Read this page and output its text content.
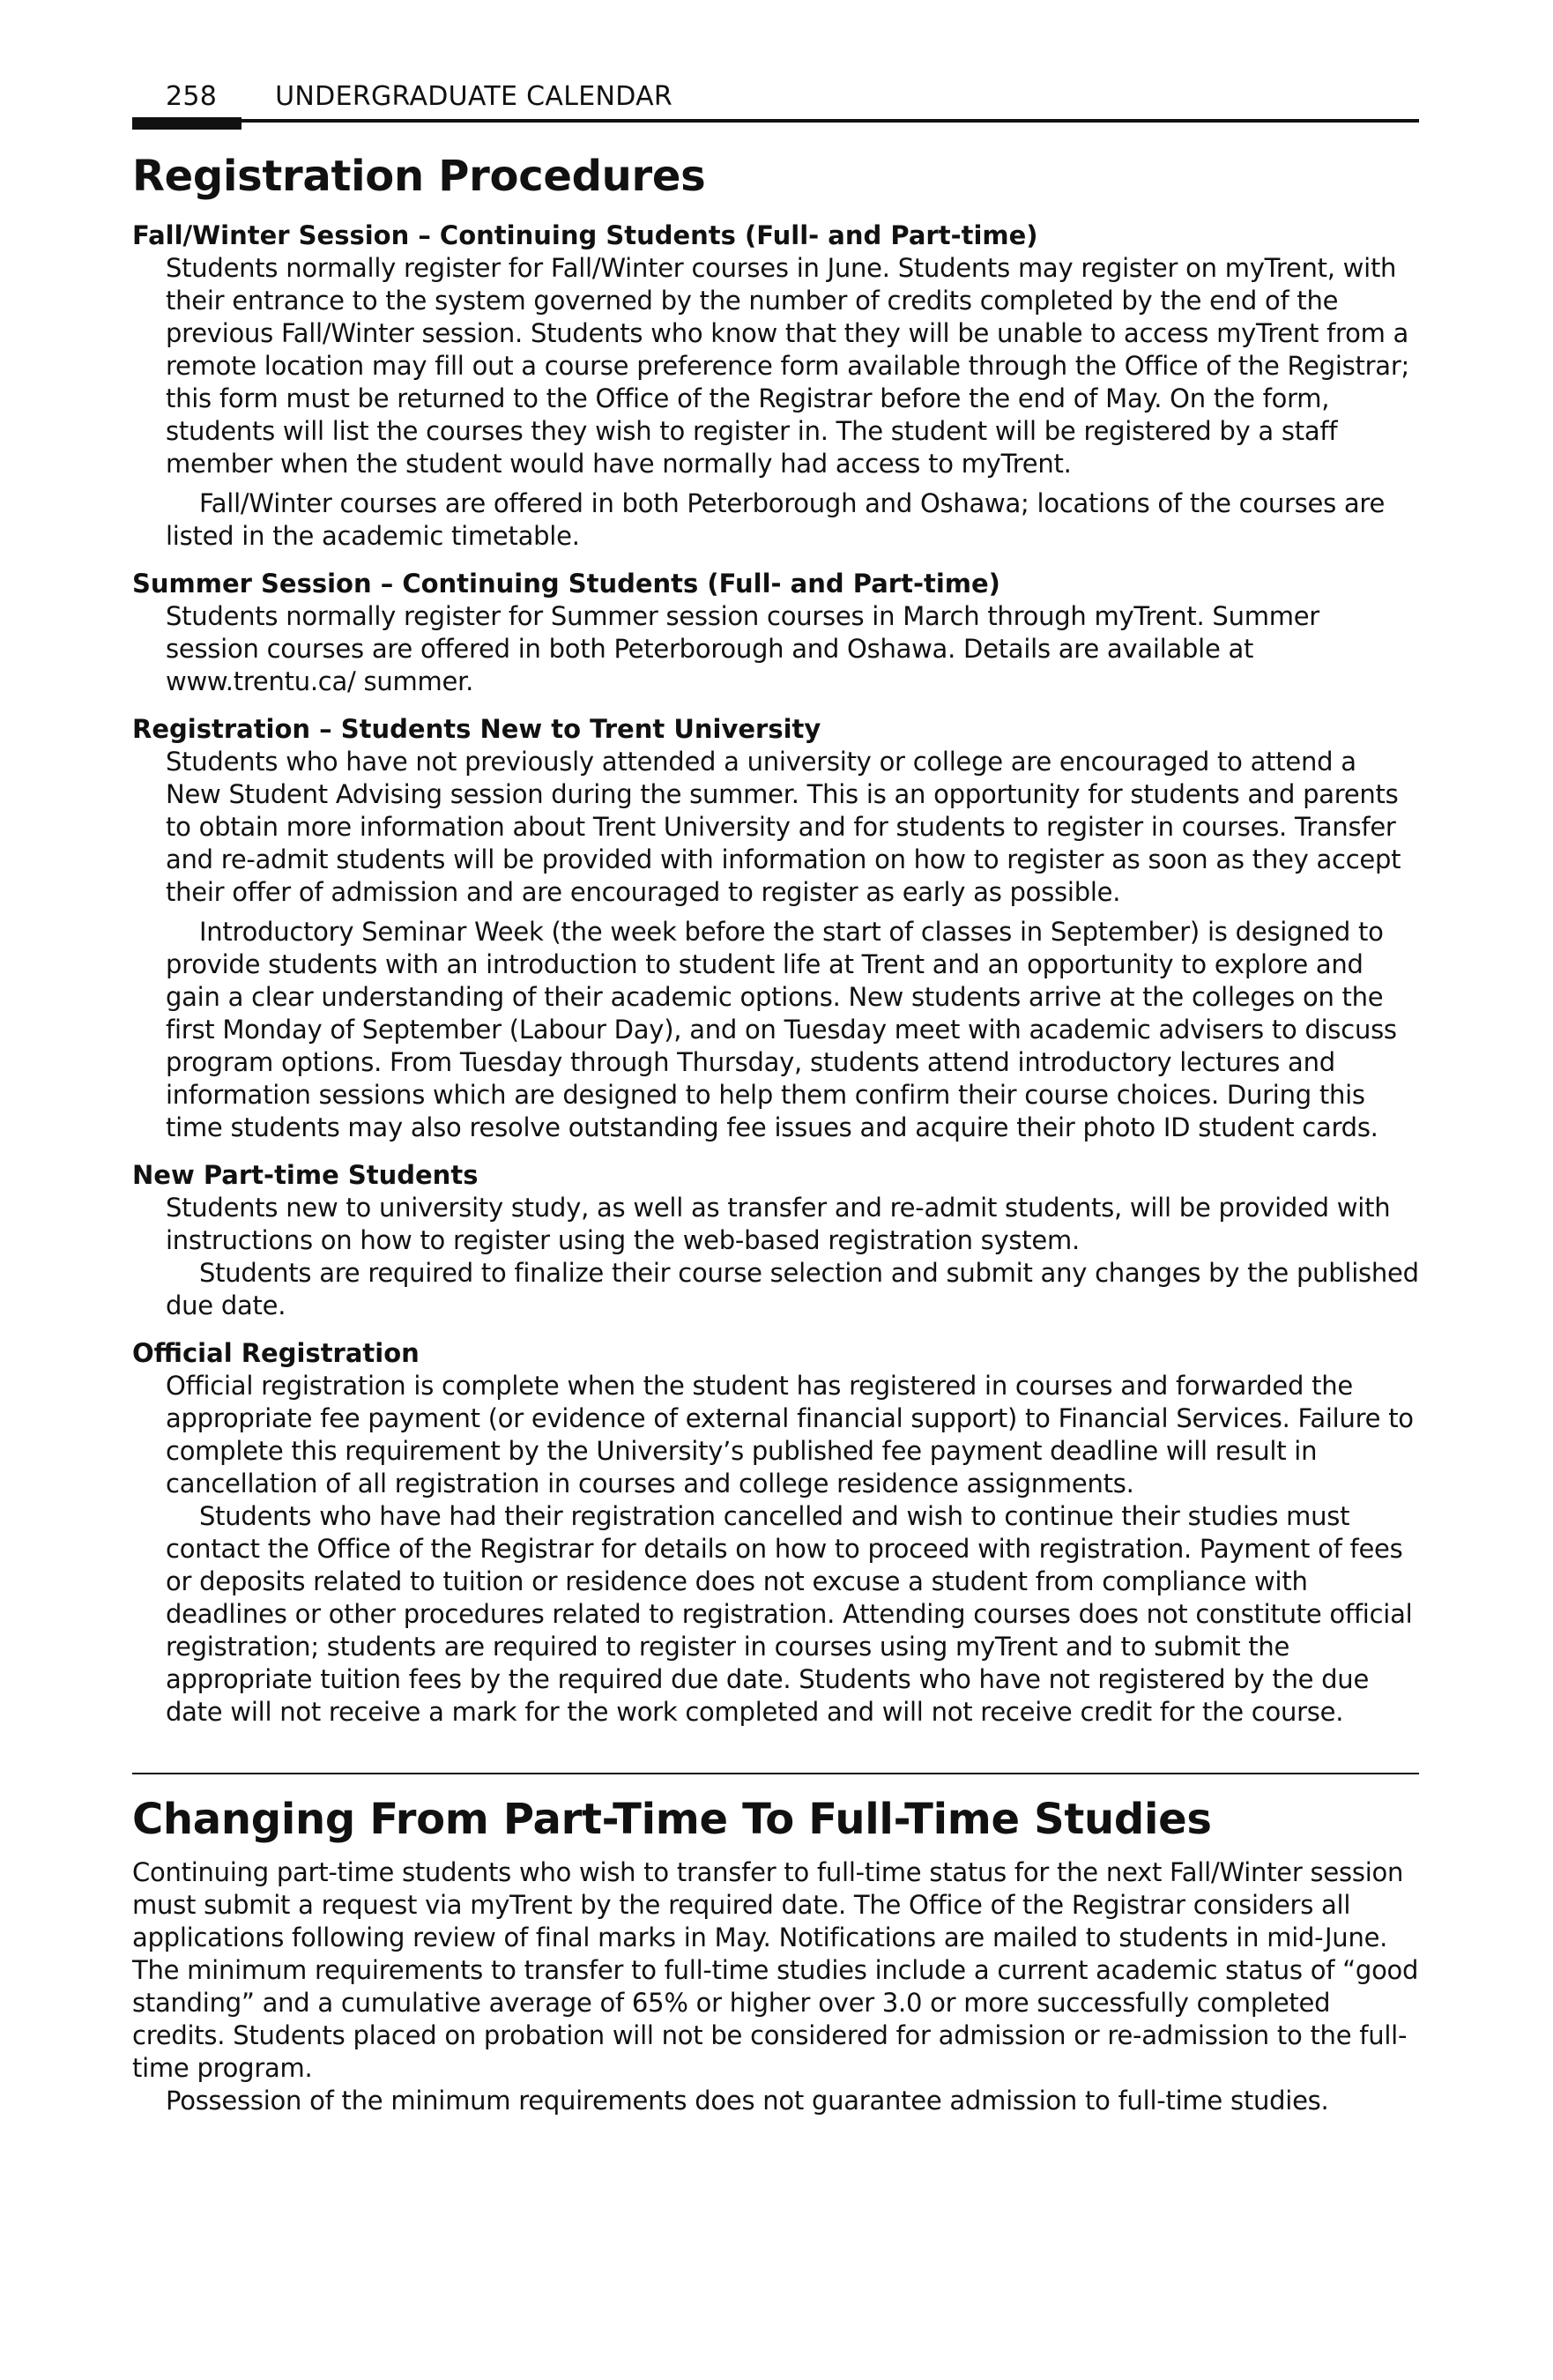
258 UNDERGRADUATE CALENDAR
Registration Procedures
Fall/Winter Session – Continuing Students (Full- and Part-time)

Students normally register for Fall/Winter courses in June. Students may register on myTrent, with their entrance to the system governed by the number of credits completed by the end of the previous Fall/Winter session. Students who know that they will be unable to access myTrent from a remote location may fill out a course preference form available through the Office of the Registrar; this form must be returned to the Office of the Registrar before the end of May. On the form, students will list the courses they wish to register in. The student will be registered by a staff member when the student would have normally had access to myTrent.

Fall/Winter courses are offered in both Peterborough and Oshawa; locations of the courses are listed in the academic timetable.

Summer Session – Continuing Students (Full- and Part-time)

Students normally register for Summer session courses in March through myTrent. Summer session courses are offered in both Peterborough and Oshawa. Details are available at www.trentu.ca/ summer.

Registration – Students New to Trent University

Students who have not previously attended a university or college are encouraged to attend a New Student Advising session during the summer. This is an opportunity for students and parents to obtain more information about Trent University and for students to register in courses. Transfer and re-admit students will be provided with information on how to register as soon as they accept their offer of admission and are encouraged to register as early as possible.

Introductory Seminar Week (the week before the start of classes in September) is designed to provide students with an introduction to student life at Trent and an opportunity to explore and gain a clear understanding of their academic options. New students arrive at the colleges on the first Monday of September (Labour Day), and on Tuesday meet with academic advisers to discuss program options. From Tuesday through Thursday, students attend introductory lectures and information sessions which are designed to help them confirm their course choices. During this time students may also resolve outstanding fee issues and acquire their photo ID student cards.

New Part-time Students

Students new to university study, as well as transfer and re-admit students, will be provided with instructions on how to register using the web-based registration system.

Students are required to finalize their course selection and submit any changes by the published due date.

Official Registration

Official registration is complete when the student has registered in courses and forwarded the appropriate fee payment (or evidence of external financial support) to Financial Services. Failure to complete this requirement by the University’s published fee payment deadline will result in cancellation of all registration in courses and college residence assignments.

Students who have had their registration cancelled and wish to continue their studies must contact the Office of the Registrar for details on how to proceed with registration. Payment of fees or deposits related to tuition or residence does not excuse a student from compliance with deadlines or other procedures related to registration. Attending courses does not constitute official registration; students are required to register in courses using myTrent and to submit the appropriate tuition fees by the required due date. Students who have not registered by the due date will not receive a mark for the work completed and will not receive credit for the course.

Changing From Part-Time To Full-Time Studies

Continuing part-time students who wish to transfer to full-time status for the next Fall/Winter session must submit a request via myTrent by the required date. The Office of the Registrar considers all applications following review of final marks in May. Notifications are mailed to students in mid-June. The minimum requirements to transfer to full-time studies include a current academic status of “good standing” and a cumulative average of 65% or higher over 3.0 or more successfully completed credits. Students placed on probation will not be considered for admission or re-admission to the full-time program.

Possession of the minimum requirements does not guarantee admission to full-time studies.
